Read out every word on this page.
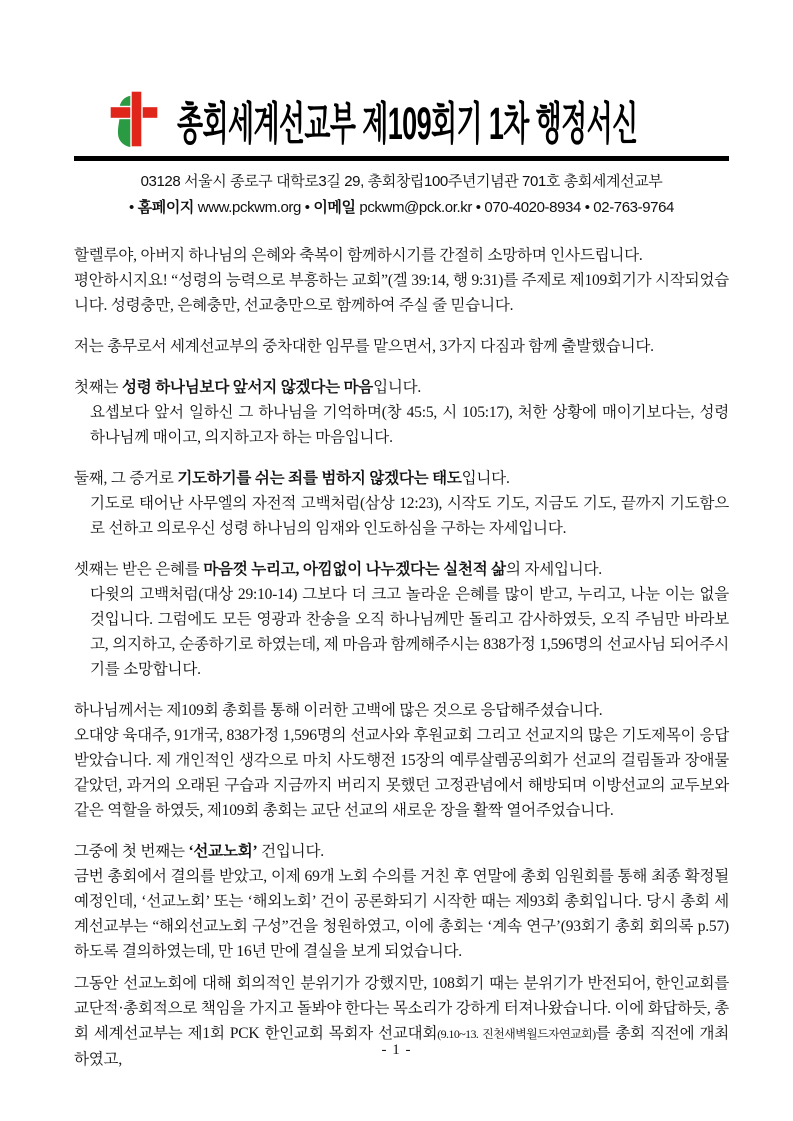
총회세계선교부 제109회기 1차 행정서신
03128 서울시 종로구 대학로3길 29, 총회창립100주년기념관 701호 총회세계선교부
• 홈페이지 www.pckwm.org • 이메일 pckwm@pck.or.kr • 070-4020-8934 • 02-763-9764
할렐루야, 아버지 하나님의 은혜와 축복이 함께하시기를 간절히 소망하며 인사드립니다.
평안하시지요! “성령의 능력으로 부흥하는 교회”(겔 39:14, 행 9:31)를 주제로 제109회기가 시작되었습니다. 성령충만, 은혜충만, 선교충만으로 함께하여 주실 줄 믿습니다.
저는 총무로서 세계선교부의 중차대한 임무를 맡으면서, 3가지 다짐과 함께 출발했습니다.
첫째는 성령 하나님보다 앞서지 않겠다는 마음입니다.
요셉보다 앞서 일하신 그 하나님을 기억하며(창 45:5, 시 105:17), 처한 상황에 매이기보다는, 성령 하나님께 매이고, 의지하고자 하는 마음입니다.
둘째, 그 증거로 기도하기를 쉬는 죄를 범하지 않겠다는 태도입니다.
기도로 태어난 사무엘의 자전적 고백처럼(삼상 12:23), 시작도 기도, 지금도 기도, 끝까지 기도함으로 선하고 의로우신 성령 하나님의 임재와 인도하심을 구하는 자세입니다.
셋째는 받은 은혜를 마음껏 누리고, 아낌없이 나누겠다는 실천적 삶의 자세입니다.
다윗의 고백처럼(대상 29:10-14) 그보다 더 크고 놀라운 은혜를 많이 받고, 누리고, 나눈 이는 없을 것입니다. 그럼에도 모든 영광과 찬송을 오직 하나님께만 돌리고 감사하였듯, 오직 주님만 바라보고, 의지하고, 순종하기로 하였는데, 제 마음과 함께해주시는 838가정 1,596명의 선교사님 되어주시기를 소망합니다.
하나님께서는 제109회 총회를 통해 이러한 고백에 많은 것으로 응답해주셨습니다.
오대양 육대주, 91개국, 838가정 1,596명의 선교사와 후원교회 그리고 선교지의 많은 기도제목이 응답받았습니다. 제 개인적인 생각으로 마치 사도행전 15장의 예루살렘공의회가 선교의 걸림돌과 장애물 같았던, 과거의 오래된 구습과 지금까지 버리지 못했던 고정관념에서 해방되며 이방선교의 교두보와 같은 역할을 하였듯, 제109회 총회는 교단 선교의 새로운 장을 활짝 열어주었습니다.
그중에 첫 번째는 ‘선교노회’ 건입니다.
금번 총회에서 결의를 받았고, 이제 69개 노회 수의를 거친 후 연말에 총회 임원회를 통해 최종 확정될 예정인데, ‘선교노회’ 또는 ‘해외노회’ 건이 공론화되기 시작한 때는 제93회 총회입니다. 당시 총회 세계선교부는 “해외선교노회 구성”건을 청원하였고, 이에 총회는 ‘계속 연구’(93회기 총회 회의록 p.57)하도록 결의하였는데, 만 16년 만에 결실을 보게 되었습니다.
그동안 선교노회에 대해 회의적인 분위기가 강했지만, 108회기 때는 분위기가 반전되어, 한인교회를 교단적·총회적으로 책임을 가지고 돌봐야 한다는 목소리가 강하게 터져나왔습니다. 이에 화답하듯, 총회 세계선교부는 제1회 PCK 한인교회 목회자 선교대회(9.10~13. 진천새벽월드자연교회)를 총회 직전에 개최하였고,
- 1 -
